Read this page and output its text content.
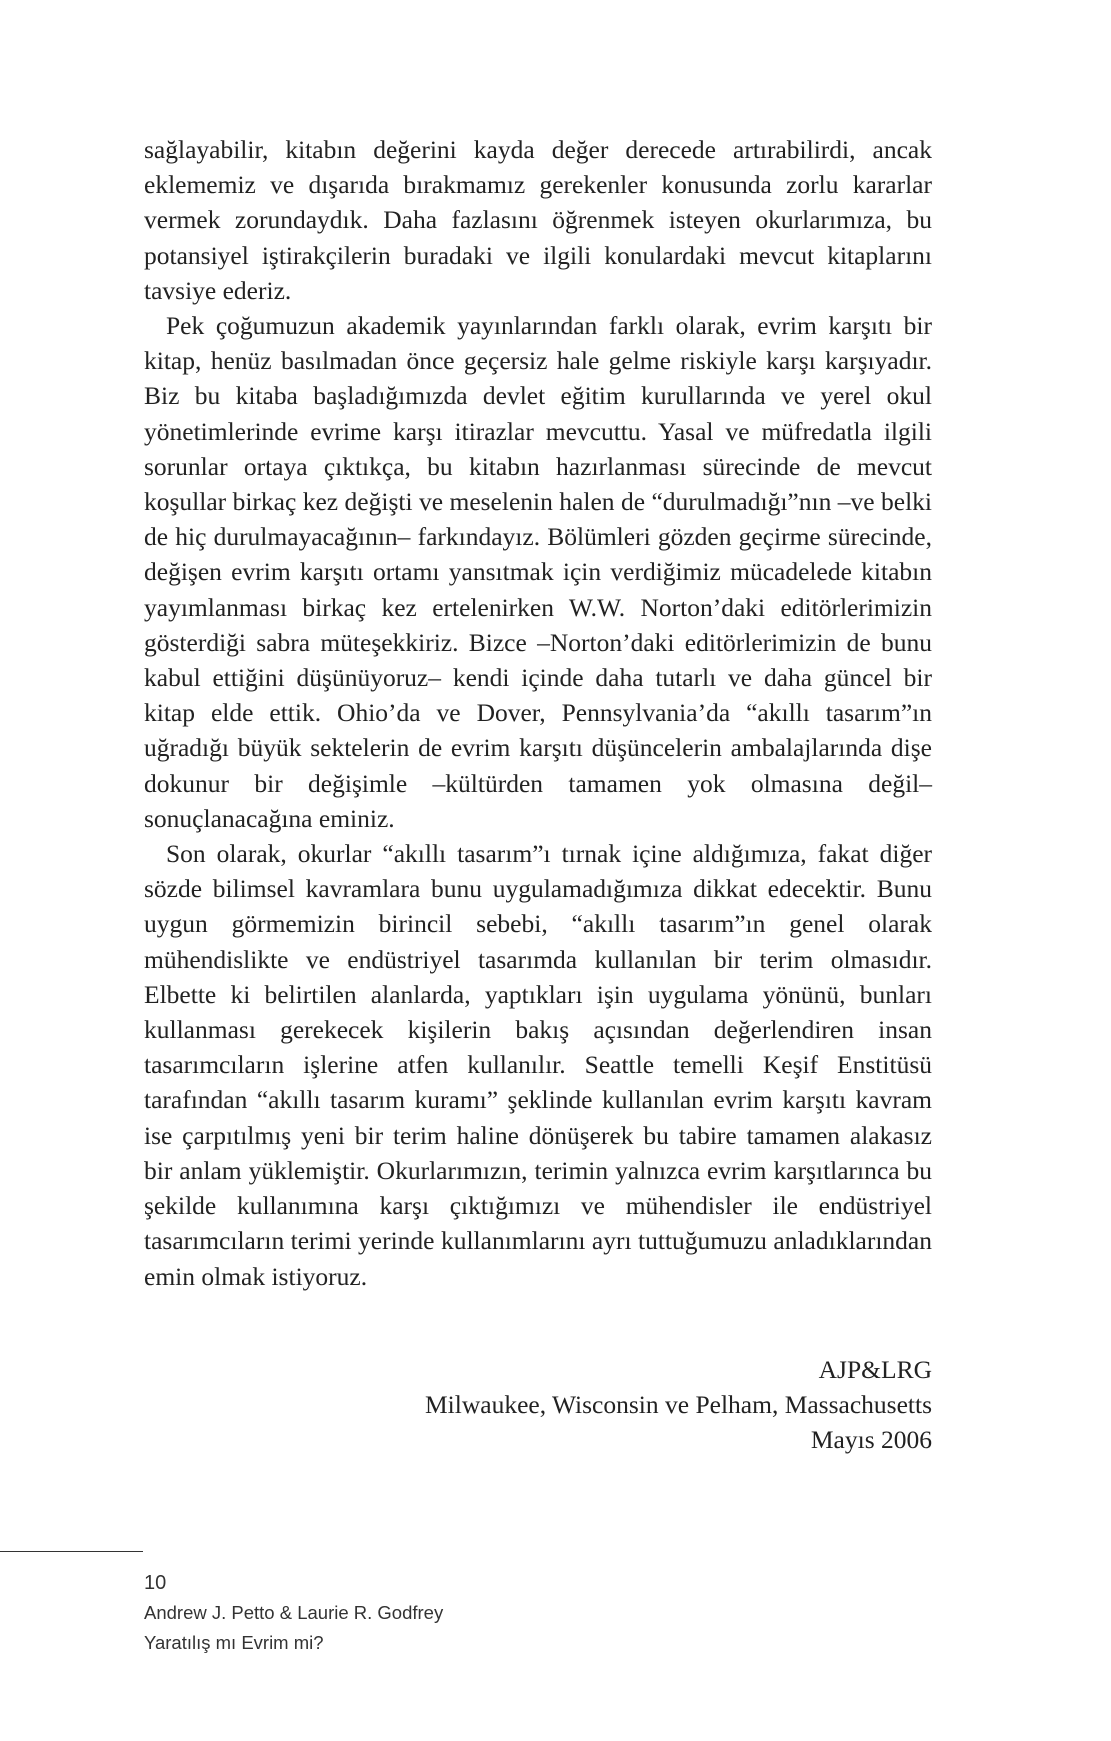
sağlayabilir, kitabın değerini kayda değer derecede artırabilirdi, ancak eklememiz ve dışarıda bırakmamız gerekenler konusunda zorlu kararlar vermek zorundaydık. Daha fazlasını öğrenmek isteyen okurlarımıza, bu potansiyel iştirakçilerin buradaki ve ilgili konulardaki mevcut kitaplarını tavsiye ederiz.

Pek çoğumuzun akademik yayınlarından farklı olarak, evrim karşıtı bir kitap, henüz basılmadan önce geçersiz hale gelme riskiyle karşı karşıyadır. Biz bu kitaba başladığımızda devlet eğitim kurullarında ve yerel okul yönetimlerinde evrime karşı itirazlar mevcuttu. Yasal ve müfredatla ilgili sorunlar ortaya çıktıkça, bu kitabın hazırlanması sürecinde de mevcut koşullar birkaç kez değişti ve meselenin halen de “durulmadığı”nın –ve belki de hiç durulmayacağının– farkındayız. Bölümleri gözden geçirme sürecinde, değişen evrim karşıtı ortamı yansıtmak için verdiğimiz mücadelede kitabın yayımlanması birkaç kez ertelenirken W.W. Norton’daki editörlerimizin gösterdiği sabra müteşekkiriz. Bizce –Norton’daki editörlerimizin de bunu kabul ettiğini düşünüyoruz– kendi içinde daha tutarlı ve daha güncel bir kitap elde ettik. Ohio’da ve Dover, Pennsylvania’da “akıllı tasarım”ın uğradığı büyük sektelerin de evrim karşıtı düşüncelerin ambalajlarında dişe dokunur bir değişimle –kültürden tamamen yok olmasına değil– sonuçlanacağına eminiz.

Son olarak, okurlar “akıllı tasarım”ı tırnak içine aldığımıza, fakat diğer sözde bilimsel kavramlara bunu uygulamadığımıza dikkat edecektir. Bunu uygun görmemizin birincil sebebi, “akıllı tasarım”ın genel olarak mühendislikte ve endüstriyel tasarımda kullanılan bir terim olmasıdır. Elbette ki belirtilen alanlarda, yaptıkları işin uygulama yönünü, bunları kullanması gerekecek kişilerin bakış açısından değerlendiren insan tasarımcıların işlerine atfen kullanılır. Seattle temelli Keşif Enstitüsü tarafından “akıllı tasarım kuramı” şeklinde kullanılan evrim karşıtı kavram ise çarpıtılmış yeni bir terim haline dönüşerek bu tabire tamamen alakasız bir anlam yüklemiştir. Okurlarımızın, terimin yalnızca evrim karşıtlarınca bu şekilde kullanımına karşı çıktığımızı ve mühendisler ile endüstriyel tasarımcıların terimi yerinde kullanımlarını ayrı tuttuğumuzu anladıklarından emin olmak istiyoruz.

AJP&LRG
Milwaukee, Wisconsin ve Pelham, Massachusetts
Mayıs 2006
10
Andrew J. Petto & Laurie R. Godfrey
Yaratılış mı Evrim mi?
